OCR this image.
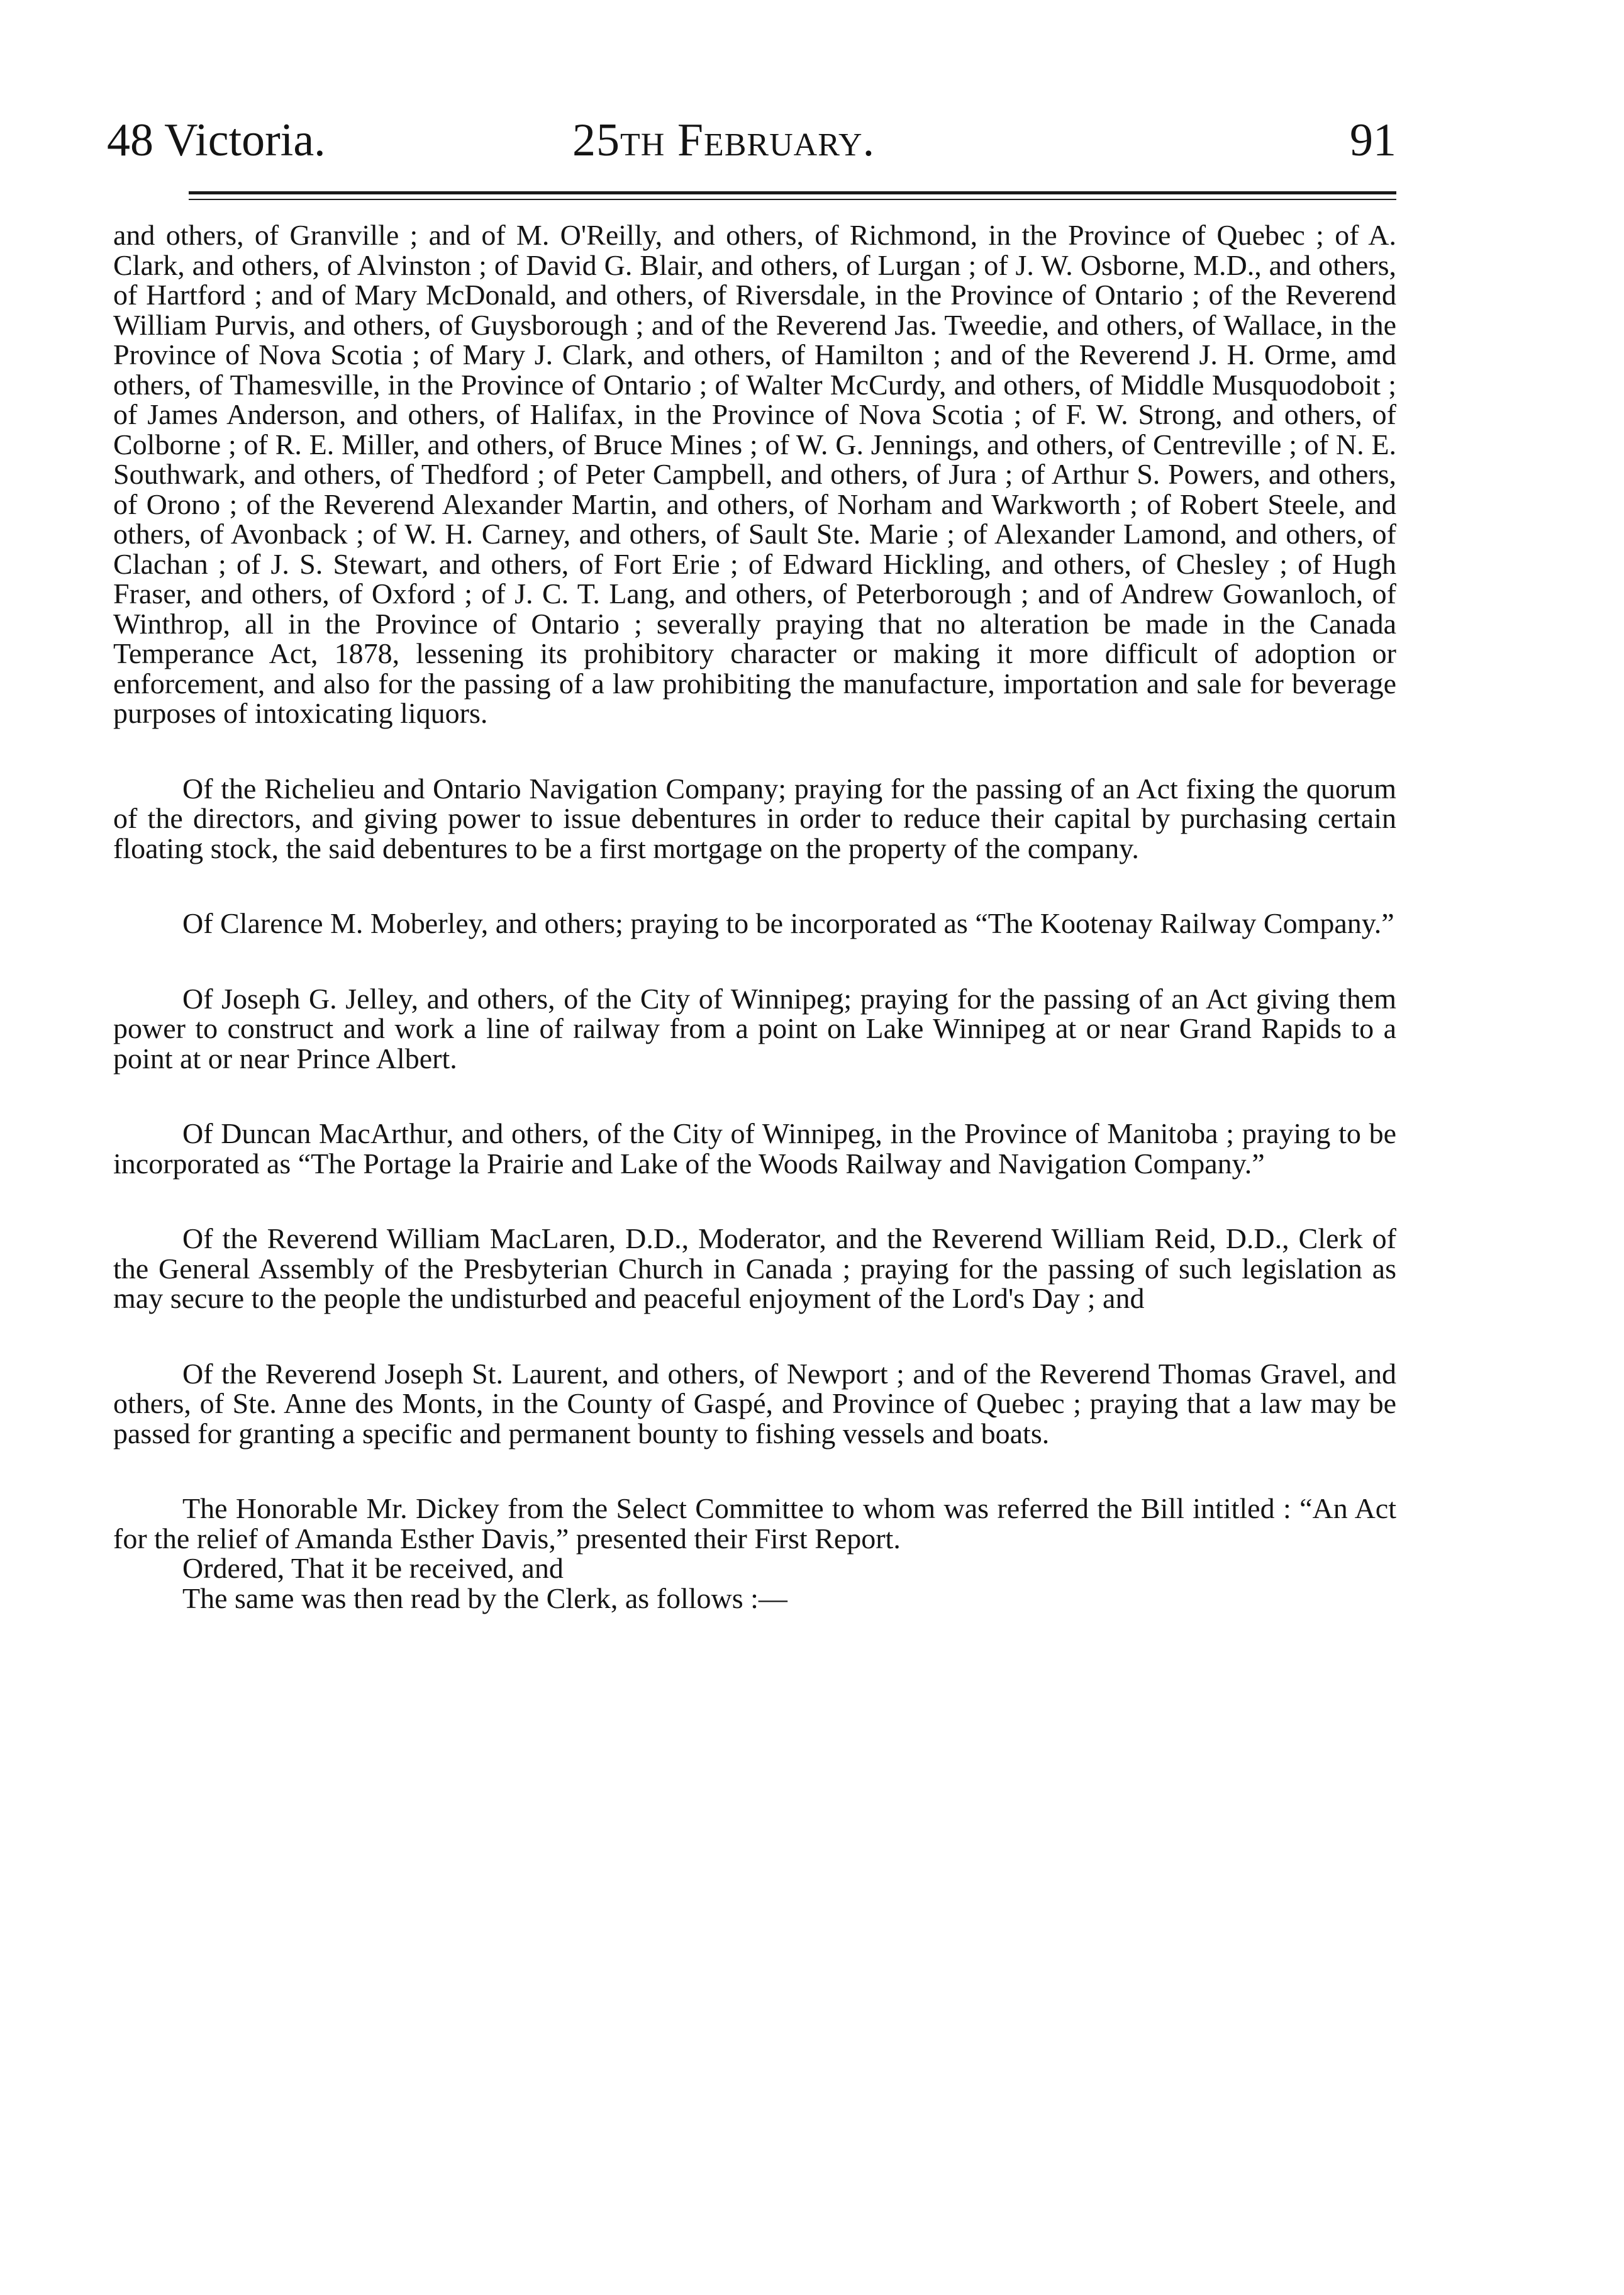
48 Victoria.	25th February.	91

and others, of Granville ; and of M. O'Reilly, and others, of Richmond, in the Province of Quebec ; of A. Clark, and others, of Alvinston ; of David G. Blair, and others, of Lurgan ; of J. W. Osborne, M.D., and others, of Hartford ; and of Mary McDonald, and others, of Riversdale, in the Province of Ontario ; of the Reverend William Purvis, and others, of Guysborough ; and of the Reverend Jas. Tweedie, and others, of Wallace, in the Province of Nova Scotia ; of Mary J. Clark, and others, of Hamilton ; and of the Reverend J. H. Orme, amd others, of Thamesville, in the Province of Ontario ; of Walter McCurdy, and others, of Middle Musquodoboit ; of James Anderson, and others, of Halifax, in the Province of Nova Scotia ; of F. W. Strong, and others, of Colborne ; of R. E. Miller, and others, of Bruce Mines ; of W. G. Jennings, and others, of Centreville ; of N. E. Southwark, and others, of Thedford ; of Peter Campbell, and others, of Jura ; of Arthur S. Powers, and others, of Orono ; of the Reverend Alexander Martin, and others, of Norham and Warkworth ; of Robert Steele, and others, of Avonback ; of W. H. Carney, and others, of Sault Ste. Marie ; of Alexander Lamond, and others, of Clachan ; of J. S. Stewart, and others, of Fort Erie ; of Edward Hickling, and others, of Chesley ; of Hugh Fraser, and others, of Oxford ; of J. C. T. Lang, and others, of Peterborough ; and of Andrew Gowanloch, of Winthrop, all in the Province of Ontario ; severally praying that no alteration be made in the Canada Temperance Act, 1878, lessening its prohibitory character or making it more difficult of adoption or enforcement, and also for the passing of a law prohibiting the manufacture, importation and sale for beverage purposes of intoxicating liquors.

Of the Richelieu and Ontario Navigation Company; praying for the passing of an Act fixing the quorum of the directors, and giving power to issue debentures in order to reduce their capital by purchasing certain floating stock, the said debentures to be a first mortgage on the property of the company.

Of Clarence M. Moberley, and others; praying to be incorporated as “The Kootenay Railway Company.”

Of Joseph G. Jelley, and others, of the City of Winnipeg; praying for the passing of an Act giving them power to construct and work a line of railway from a point on Lake Winnipeg at or near Grand Rapids to a point at or near Prince Albert.

Of Duncan MacArthur, and others, of the City of Winnipeg, in the Province of Manitoba ; praying to be incorporated as “The Portage la Prairie and Lake of the Woods Railway and Navigation Company.”

Of the Reverend William MacLaren, D.D., Moderator, and the Reverend William Reid, D.D., Clerk of the General Assembly of the Presbyterian Church in Canada ; praying for the passing of such legislation as may secure to the people the undisturbed and peaceful enjoyment of the Lord's Day ; and

Of the Reverend Joseph St. Laurent, and others, of Newport ; and of the Reverend Thomas Gravel, and others, of Ste. Anne des Monts, in the County of Gaspé, and Province of Quebec ; praying that a law may be passed for granting a specific and permanent bounty to fishing vessels and boats.

The Honorable Mr. Dickey from the Select Committee to whom was referred the Bill intitled : “An Act for the relief of Amanda Esther Davis,” presented their First Report.

Ordered, That it be received, and

The same was then read by the Clerk, as follows :—
